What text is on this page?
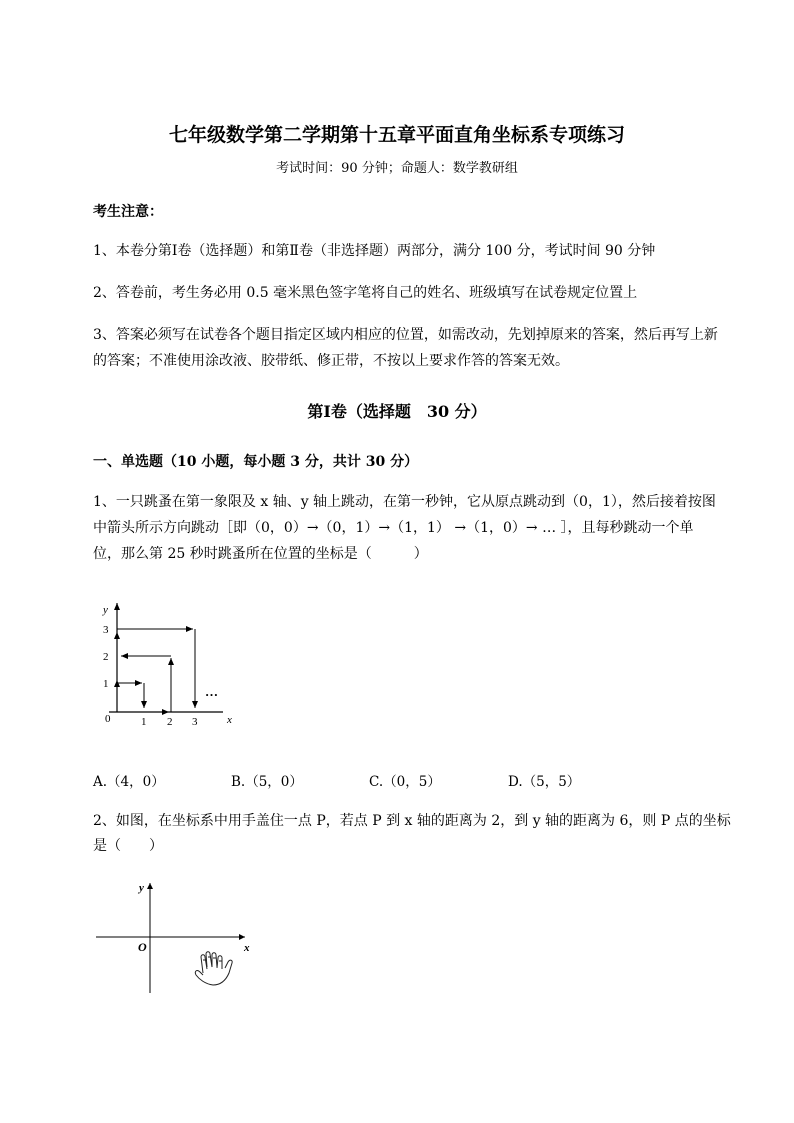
七年级数学第二学期第十五章平面直角坐标系专项练习
考试时间：90 分钟；命题人：数学教研组
考生注意：
1、本卷分第Ⅰ卷（选择题）和第Ⅱ卷（非选择题）两部分，满分 100 分，考试时间 90 分钟
2、答卷前，考生务必用 0.5 毫米黑色签字笔将自己的姓名、班级填写在试卷规定位置上
3、答案必须写在试卷各个题目指定区域内相应的位置，如需改动，先划掉原来的答案，然后再写上新
的答案；不准使用涂改液、胶带纸、修正带，不按以上要求作答的答案无效。
第Ⅰ卷（选择题　30 分）
一、单选题（10 小题，每小题 3 分，共计 30 分）
1、一只跳蚤在第一象限及 x 轴、y 轴上跳动，在第一秒钟，它从原点跳动到（0，1），然后接着按图
中箭头所示方向跳动［即（0，0）→（0，1）→（1，1） →（1，0）→ … ］，且每秒跳动一个单
位，那么第 25 秒时跳蚤所在位置的坐标是（　　　）
y
x
0
1
2
3
1 2 3
…
A.（4，0）	B.（5，0）	C.（0，5）	D.（5，5）
2、如图，在坐标系中用手盖住一点 P，若点 P 到 x 轴的距离为 2，到 y 轴的距离为 6，则 P 点的坐标
是（　　）
y
x
O
